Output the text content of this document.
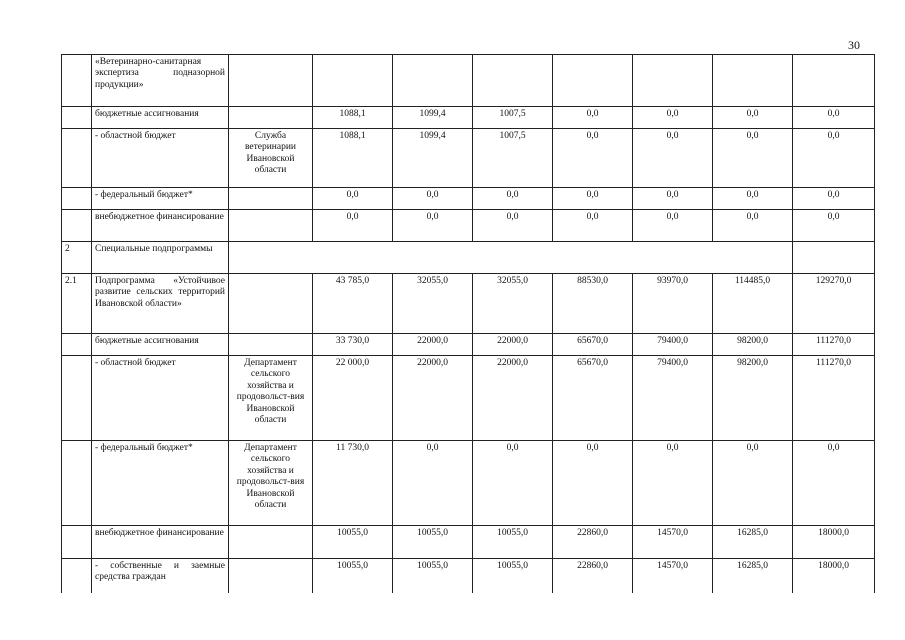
30
	«Ветеринарно-санитарная экспертиза подназорной продукции»								
	бюджетные ассигнования		1088,1	1099,4	1007,5	0,0	0,0	0,0	0,0
	- областной бюджет	Служба ветеринарии Ивановской области	1088,1	1099,4	1007,5	0,0	0,0	0,0	0,0
	- федеральный бюджет*		0,0	0,0	0,0	0,0	0,0	0,0	0,0
	внебюджетное финансирование		0,0	0,0	0,0	0,0	0,0	0,0	0,0
2	Специальные подпрограммы								
2.1	Подпрограмма «Устойчивое развитие сельских территорий Ивановской области»		43 785,0	32055,0	32055,0	88530,0	93970,0	114485,0	129270,0
	бюджетные ассигнования		33 730,0	22000,0	22000,0	65670,0	79400,0	98200,0	111270,0
	- областной бюджет	Департамент сельского хозяйства и продовольст-вия Ивановской области	22 000,0	22000,0	22000,0	65670,0	79400,0	98200,0	111270,0
	- федеральный бюджет*	Департамент сельского хозяйства и продовольст-вия Ивановской области	11 730,0	0,0	0,0	0,0	0,0	0,0	0,0
	внебюджетное финансирование		10055,0	10055,0	10055,0	22860,0	14570,0	16285,0	18000,0
	- собственные и заемные средства граждан		10055,0	10055,0	10055,0	22860,0	14570,0	16285,0	18000,0
